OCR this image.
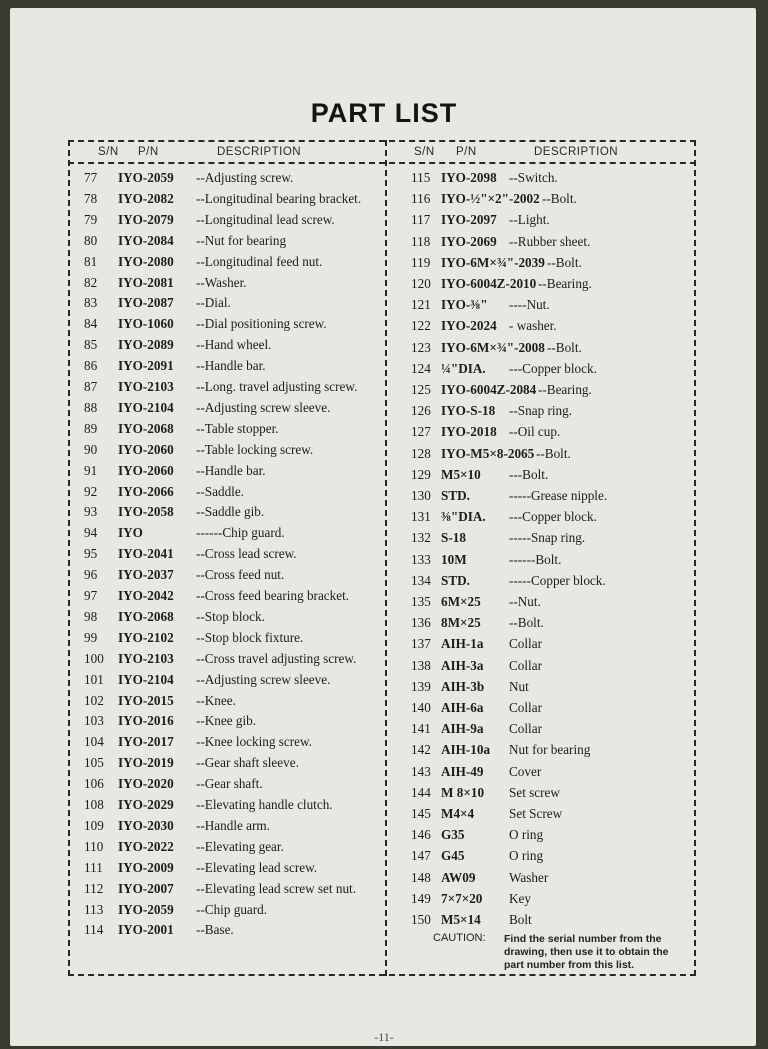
PART LIST
S/N P/N	DESCRIPTION	S/N P/N	DESCRIPTION
77	IYO-2059 --Adjusting screw.
78	IYO-2082 --Longitudinal bearing bracket.
79	IYO-2079 --Longitudinal lead screw.
80	IYO-2084 --Nut for bearing
81	IYO-2080 --Longitudinal feed nut.
82	IYO-2081 --Washer.
83	IYO-2087 --Dial.
84	IYO-1060 --Dial positioning screw.
85	IYO-2089 --Hand wheel.
86	IYO-2091 --Handle bar.
87	IYO-2103 --Long. travel adjusting screw.
88	IYO-2104 --Adjusting screw sleeve.
89	IYO-2068 --Table stopper.
90	IYO-2060 --Table locking screw.
91	IYO-2060 --Handle bar.
92	IYO-2066 --Saddle.
93	IYO-2058 --Saddle gib.
94	IYO	------Chip guard.
95	IYO-2041 --Cross lead screw.
96	IYO-2037 --Cross feed nut.
97	IYO-2042 --Cross feed bearing bracket.
98	IYO-2068 --Stop block.
99	IYO-2102 --Stop block fixture.
100	IYO-2103 --Cross travel adjusting screw.
101	IYO-2104 --Adjusting screw sleeve.
102	IYO-2015 --Knee.
103	IYO-2016 --Knee gib.
104	IYO-2017 --Knee locking screw.
105	IYO-2019 --Gear shaft sleeve.
106	IYO-2020 --Gear shaft.
108	IYO-2029 --Elevating handle clutch.
109	IYO-2030 --Handle arm.
110	IYO-2022 --Elevating gear.
111	IYO-2009 --Elevating lead screw.
112	IYO-2007 --Elevating lead screw set nut.
113	IYO-2059 --Chip guard.
114	IYO-2001 --Base.
115 IYO-2098 --Switch.
116 IYO-½"×2"-2002 --Bolt.
117 IYO-2097 --Light.
118 IYO-2069 --Rubber sheet.
119 IYO-6M×¾"-2039 --Bolt.
120 IYO-6004Z-2010 --Bearing.
121 IYO-⅜" ----Nut.
122 IYO-2024 - washer.
123 IYO-6M×¾"-2008 --Bolt.
124 ¼"DIA. ---Copper block.
125 IYO-6004Z-2084 --Bearing.
126 IYO-S-18 --Snap ring.
127 IYO-2018 --Oil cup.
128 IYO-M5×8-2065 --Bolt.
129 M5×10 ---Bolt.
130 STD.	-----Grease nipple.
131 ⅜"DIA. ---Copper block.
132 S-18	-----Snap ring.
133 10M	------Bolt.
134 STD.	-----Copper block.
135 6M×25 --Nut.
136 8M×25 --Bolt.
137 AIH-1a Collar
138 AIH-3a Collar
139 AIH-3b Nut
140 AIH-6a Collar
141 AIH-9a Collar
142 AIH-10a Nut for bearing
143 AIH-49 Cover
144 M 8×10 Set screw
145 M4×4	Set Screw
146 G35	O ring
147 G45	O ring
148 AW09	Washer
149 7×7×20 Key
150 M5×14 Bolt
CAUTION: Find the serial number from the drawing, then use it to obtain the part number from this list.
-11-
